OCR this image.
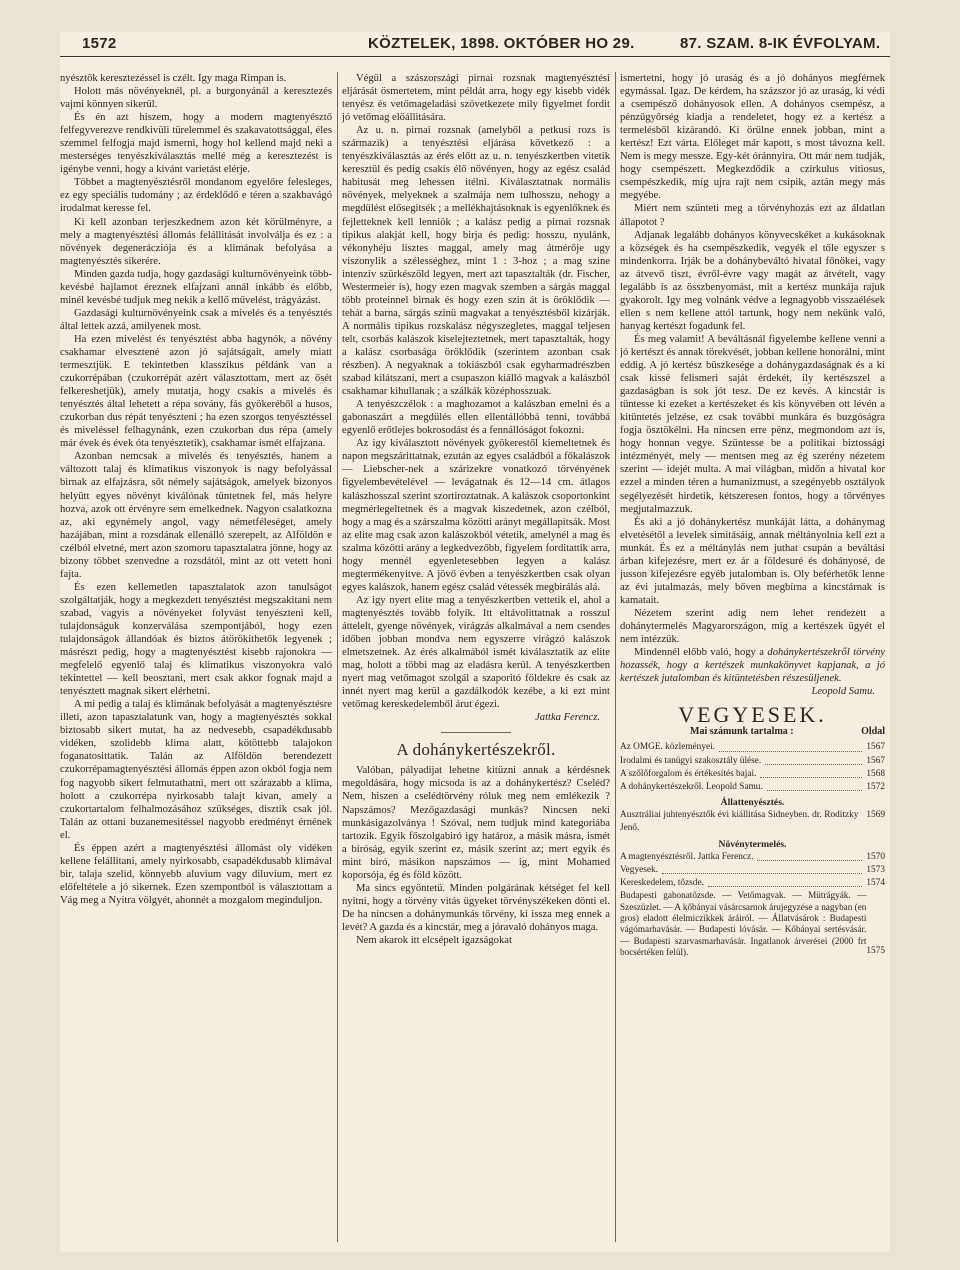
1572	KÖZTELEK, 1898. OKTÓBER HO 29.	87. SZAM. 8-IK ÉVFOLYAM.

nyésztők keresztezéssel is czélt. Igy maga Rimpan is.

Holott más növényeknél, pl. a burgonyánál a keresztezés vajmi könnyen sikerül.

És én azt hiszem, hogy a modern magtenyésztő felfegyverezve rendkivüli türelemmel és szakavatottsággal, éles szemmel felfogja majd ismerni, hogy hol kellend majd neki a mesterséges tenyészkiválasztás mellé még a keresztezést is igénybe venni, hogy a kivánt varietást elérje.

Többet a magtenyésztésről mondanom egyelőre felesleges, ez egy speciális tudomány ; az érdeklődő e téren a szakbavágó irodalmat keresse fel.

Ki kell azonban terjeszkednem azon két körülményre, a mely a magtenyésztési állomás felállitását involválja és ez : a növények degenerácziója és a klimának befolyása a magtenyésztés sikerére.

Minden gazda tudja, hogy gazdasági kulturnövényeink több-kevésbé hajlamot éreznek elfajzani annál inkább és előbb, minél kevésbé tudjuk meg nekik a kellő művelést, trágyázást.

Gazdasági kulturnövényeink csak a mivelés és a tenyésztés által lettek azzá, amilyenek most.

Ha ezen mivelést és tenyésztést abba hagynók, a növény csakhamar elvesztené azon jó sajátságait, amely miatt termesztjük. E tekintetben klasszikus példánk van a czukorrépában (czukorrépát azért választottam, mert az ősét felkereshetjük), amely mutatja, hogy csakis a mivelés és tenyésztés által lehetett a répa sovány, fás gyökeréből a husos, czukorban dus répát tenyészteni ; ha ezen szorgos tenyésztéssel és miveléssel felhagynánk, ezen czukorban dus répa (amely már évek és évek óta tenyésztetik), csakhamar ismét elfajzana.

Azonban nemcsak a mivelés és tenyésztés, hanem a változott talaj és klimatikus viszonyok is nagy befolyással birnak az elfajzásra, sőt némely sajátságok, amelyek bizonyos helyütt egyes növényt kiválónak tüntetnek fel, más helyre hozva, azok ott érvényre sem emelkednek. Nagyon csalatkozna az, aki egynémely angol, vagy németféleséget, amely hazájában, mint a rozsdának ellenálló szerepelt, az Alföldön e czélból elvetné, mert azon szomoru tapasztalatra jönne, hogy az bizony többet szenvedne a rozsdától, mint az ott vetett honi fajta.

És ezen kellemetlen tapasztalatok azon tanulságot szolgáltatják, hogy a megkezdett tenyésztést megszakitani nem szabad, vagyis a növényeket folyvást tenyészteni kell, tulajdonságuk konzerválása szempontjából, hogy ezen tulajdonságok állandóak és biztos átörökithetők legyenek ; másrészt pedig, hogy a magtenyésztést kisebb rajonokra — megfelelő egyenlő talaj és klimatikus viszonyokra való tekintettel — kell beosztani, mert csak akkor fognak majd a tenyésztett magnak sikert elérhetni.

A mi pedig a talaj és klimának befolyását a magtenyésztésre illeti, azon tapasztalatunk van, hogy a magtenyésztés sokkal biztosabb sikert mutat, ha az nedvesebb, csapadékdusabb vidéken, szolidebb klima alatt, kötöttebb talajokon foganatosittatik. Talán az Alföldön berendezett czukorrépamagtenyésztési állomás éppen azon okból fogja nem fog nagyobb sikert felmutathatni, mert ott szárazabb a klima, holott a czukorrépa nyirkosabb talajt kivan, amely a czukortartalom felhalmozásához szükséges, disztik csak jól. Talán az ottani buzanemesitéssel nagyobb eredményt érnének el.

És éppen azért a magtenyésztési állomást oly vidéken kellene felállitani, amely nyirkosabb, csapadékdusabb klimával bir, talaja szelid, könnyebb aluvium vagy diluvium, mert ez előfeltétele a jó sikernek. Ezen szempontból is választottam a Vág meg a Nyitra völgyét, ahonnét a mozgalom meginduljon.

Végül a szászországi pirnai rozsnak magtenyésztési eljárását ösmertetem, mint példát arra, hogy egy kisebb vidék tenyész és vetőmageladási szövetkezete mily figyelmet fordit jó vetőmag előállitására.

Az u. n. pirnai rozsnak (amelyből a petkusi rozs is származik) a tenyésztési eljárása következő : a tenyészkiválasztás az érés előtt az u. n. tenyészkertben vitetik keresztül és pedig csakis élő növényen, hogy az egész család habitusát meg lehessen itélni. Kiválasztatnak normális növények, melyeknek a szalmája nem tulhosszu, nehogy a megdülést elősegitsék ; a mellékhajtásoknak is egyenlőknek és fejletteknek kell lenniök ; a kalász pedig a pirnai rozsnak tipikus alakját kell, hogy birja és pedig: hosszu, nyulánk, vékonyhéju lisztes maggal, amely mag átmérője ugy viszonylik a szélességhez, mint 1 : 3-hoz ; a mag szine intenziv szürkészöld legyen, mert azt tapasztalták (dr. Fischer, Westermeier is), hogy ezen magvak szemben a sárgás maggal több proteinnel birnak és hogy ezen szin át is öröklődik — tehát a barna, sárgás szinü magvakat a tenyésztésből kizárják. A normális tipikus rozskalász négyszegletes, maggal teljesen telt, csorbás kalászok kiselejteztetnek, mert tapasztalták, hogy a kalász csorbasága öröklődik (szerintem azonban csak részben). A negyaknak a tokiászból csak egyharmadrészben szabad kilátszani, mert a csupaszon kiálló magvak a kalászból csakhamar kihullanak ; a szálkák középhosszuak.

A tenyészczélok : a maghozamot a kalászban emelni és a gabonaszárt a megdülés ellen ellentállóbbá tenni, továbbá egyenlő erőtlejes bokrosodást és a fennállóságot fokozni.

Az igy kiválasztott növények gyökerestől kiemeltetnek és napon megszárittatnak, ezután az egyes családból a főkalászok — Liebscher-nek a szárizekre vonatkozó törvényének figyelembevételével — levágatnak és 12—14 cm. átlagos kalászhosszal szerint szortiroztatnak. A kalászok csoportonkint megmérlegeltetnek és a magvak kiszedetnek, azon czélból, hogy a mag és a szárszalma közötti arányt megállapitsák. Most az elite mag csak azon kalászokból vétetik, amelynél a mag és szalma közötti arány a legkedvezőbb, figyelem forditattik arra, hogy mennél egyenletesebben legyen a kalász megtermékenyitve. A jövő évben a tenyészkertben csak olyan egyes kalászok, hanem egész család vétessék megbirálás alá.

Az igy nyert elite mag a tenyészkertben vettetik el, ahol a magtenyésztés tovább folyik. Itt eltávolittatnak a rosszul áttelelt, gyenge növények, virágzás alkalmával a nem csendes időben jobban mondva nem egyszerre virágzó kalászok elmetszetnek. Az érés alkalmából ismét kiválasztatik az elite mag, holott a többi mag az eladásra kerül. A tenyészkertben nyert mag vetőmagot szolgál a szaporitó földekre és csak az innét nyert mag kerül a gazdálkodók kezébe, a ki ezt mint vetőmag kereskedelemből árut égezi.

Jattka Ferencz.

A dohánykertészekről.

Valóban, pályadijat lehetne kitüzni annak a kérdésnek megoldására, hogy micsoda is az a dohánykertész? Cseléd? Nem, hiszen a cselédtörvény róluk meg nem emlékezik ? Napszámos? Mezőgazdasági munkás? Nincsen neki munkásigazolványa ! Szóval, nem tudjuk mind kategoriába tartozik. Egyik főszolgabiró igy határoz, a másik másra, ismét a bíróság, egyik szerint ez, másik szerint az; mert egyik és mint bíró, másikon napszámos — ig, mint Mohamed koporsója, ég és föld között.

Ma sincs egyöntetü. Minden polgárának kétséget fel kell nyitni, hogy a törvény vitás ügyeket törvényszékeken dönti el. De ha nincsen a dohánymunkás törvény, ki issza meg ennek a levét? A gazda és a kincstár, meg a jóravaló dohányos maga.

Nem akarok itt elcsépelt igazságokat

ismertetni, hogy jó uraság és a jó dohányos megférnek egymással. Igaz. De kérdem, ha százszor jó az uraság, ki védi a csempésző dohányosok ellen. A dohányos csempész, a pénzügyőrség kiadja a rendeletet, hogy ez a kertész a termelésből kizárandó. Ki örülne ennek jobban, mint a kertész! Ezt várta. Előleget már kapott, s most távozna kell. Nem is megy messze. Egy-két óránnyira. Ott már nem tudják, hogy csempészett. Megkezdődik a czirkulus vitiosus, csempészkedik, míg ujra rajt nem csipik, aztán megy más megyébe.

Miért nem szünteti meg a törvényhozás ezt az áldatlan állapotot ?

Adjanak legalább dohányos könyvecskéket a kukásoknak a községek és ha csempészkedik, vegyék el tőle egyszer s mindenkorra. Irják be a dohánybeváltó hivatal főnökei, vagy az átvevő tiszt, évről-évre vagy magát az átvételt, vagy legalább is az összbenyomást, mit a kertész munkája rajuk gyakorolt. Igy meg volnánk védve a legnagyobb visszaélések ellen s nem kellene attól tartunk, hogy nem nekünk való, hanyag kertészt fogadunk fel.

És meg valamit! A beváltásnál figyelembe kellene venni a jó kertészt és annak törekvését, jobban kellene honorálni, mint eddig. A jó kertész büszkesége a dohánygazdaságnak és a ki csak kissé felismeri saját érdekét, ily kertészszel a gazdaságban is sok jót tesz. De ez kevés. A kincstár is tüntesse ki ezeket a kertészeket és kis könyvében ott lévén a kitüntetés jelzése, ez csak további munkára és buzgóságra fogja ösztökélni. Ha nincsen erre pénz, megmondom azt is, hogy honnan vegye. Szüntesse be a politikai biztossági intézményét, mely — mentsen meg az ég szerény nézetem szerint — idejét multa. A mai világban, midőn a hivatal kor ezzel a minden téren a humanizmust, a szegényebb osztályok segélyezését hirdetik, kétszeresen fontos, hogy a törvényes megjutalmazzuk.

És aki a jó dohánykertész munkáját látta, a dohánymag elvetésétől a levelek simitásáig, annak méltányolnia kell ezt a munkát. És ez a méltánylás nem juthat csupán a beváltási árban kifejezésre, mert ez ár a földesuré és dohányosé, de jusson kifejezésre egyéb jutalomban is. Oly beférhetők lenne az évi jutalmazás, mely bőven megbírna a kincstárnak is kamatait.

Nézetem szerint adig nem lehet rendezett a dohánytermelés Magyarországon, mig a kertészek ügyét el nem intézzük.

Mindennél előbb való, hogy a dohánykertészekről törvény hozassék, hogy a kertészek munkakönyvet kapjanak, a jó kertészek jutalomban és kitüntetésben részesüljenek.

Leopold Samu.

VEGYESEK.
Mai számunk tartalma :	Oldal
Az OMGE. közleményei.	1567
Irodalmi és tanügyi szakosztály ülése.	1567
A szőlőforgalom és értékesítés bajai.	1568
A dohánykertészekről. Leopold Samu.	1572
Állattenyésztés.
Ausztráliai juhtenyésztők évi kiállitása Sidneyben. dr. Roditzky Jenő.
1569
Növénytermelés.
A magtenyésztésről. Jattka Ferencz.	1570
Vegyesek.	1573
Kereskedelem, tőzsde.	1574
Budapesti gabonatőzsde. — Vetőmagvak. — Mütrágyák. — Szeszüzlet. — A kőbányai vásárcsarnok árujegyzése a nagyban (en gros) eladott élelmiczikkek áráiról. — Állatvásárok : Budapesti vágómarhavásár. — Budapesti lóvásár. — Kőbányai sertésvásár. — Budapesti szarvasmarhavásár. Ingatlanok árverései (2000 frt bocsértéken felül).	1575
